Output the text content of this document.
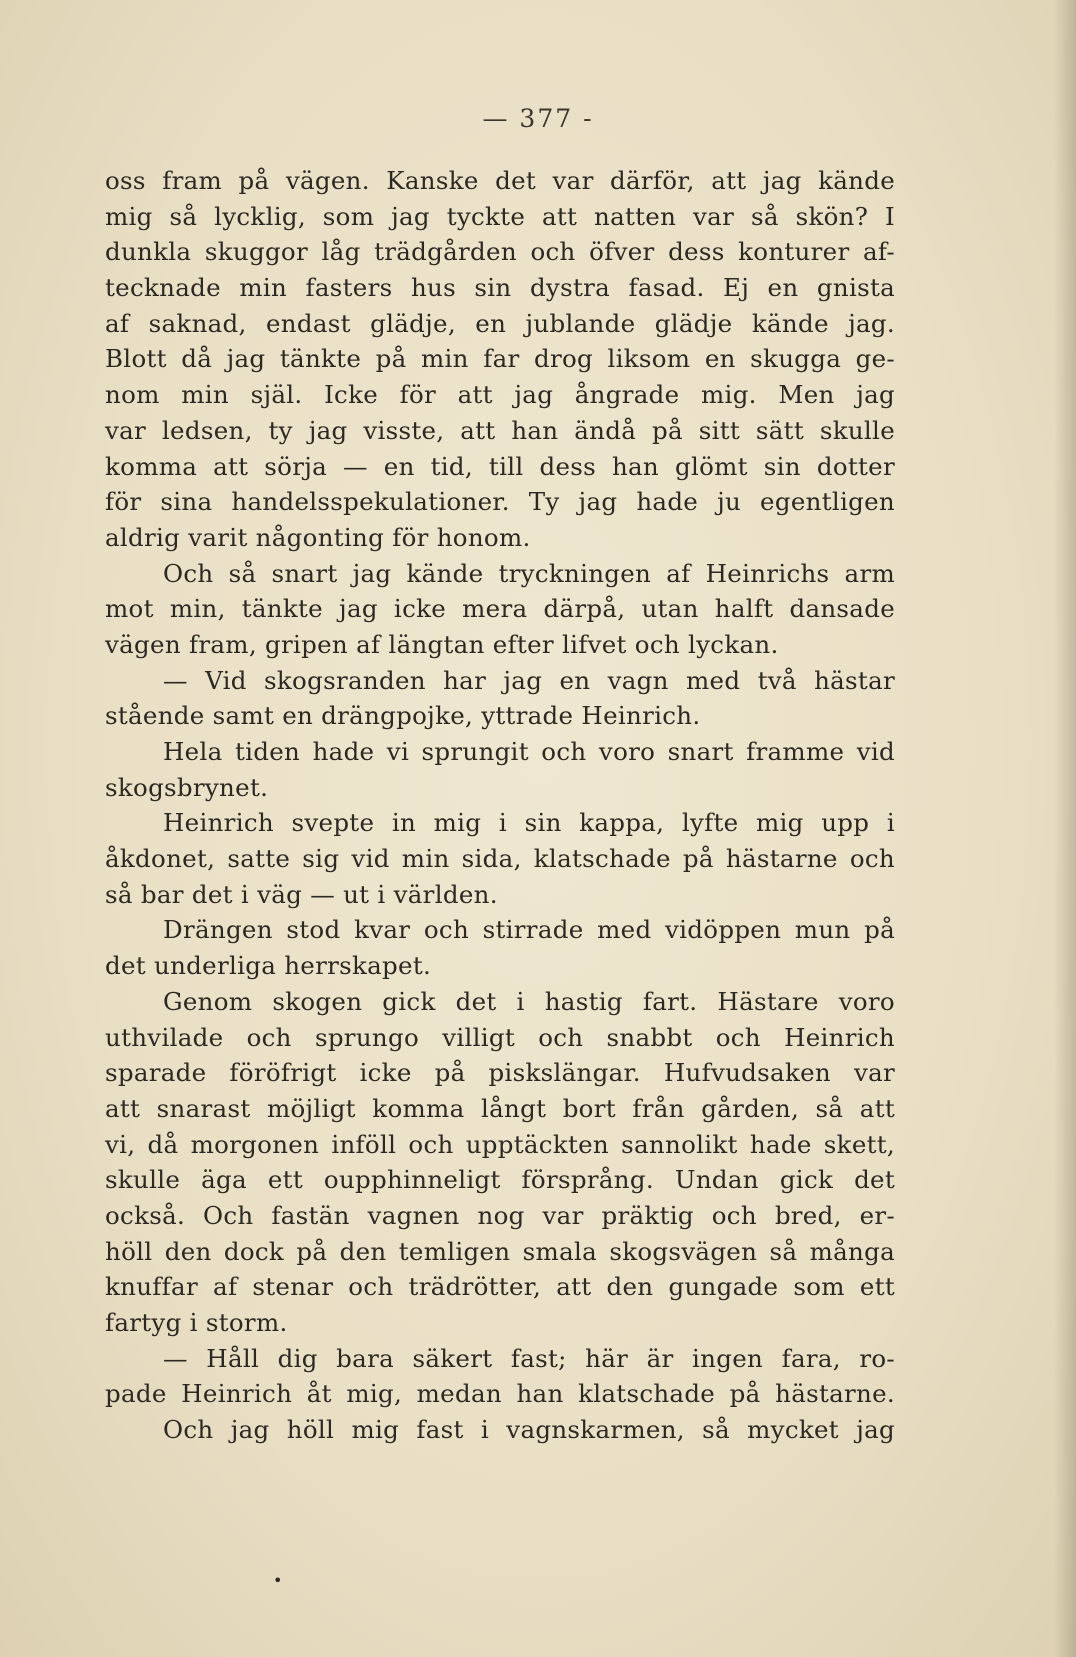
— 377 -
oss fram på vägen. Kanske det var därför, att jag kände
mig så lycklig, som jag tyckte att natten var så skön? I
dunkla skuggor låg trädgården och öfver dess konturer af-
tecknade min fasters hus sin dystra fasad. Ej en gnista
af saknad, endast glädje, en jublande glädje kände jag.
Blott då jag tänkte på min far drog liksom en skugga ge-
nom min själ. Icke för att jag ångrade mig. Men jag
var ledsen, ty jag visste, att han ändå på sitt sätt skulle
komma att sörja — en tid, till dess han glömt sin dotter
för sina handelsspekulationer. Ty jag hade ju egentligen
aldrig varit någonting för honom.
Och så snart jag kände tryckningen af Heinrichs arm
mot min, tänkte jag icke mera därpå, utan halft dansade
vägen fram, gripen af längtan efter lifvet och lyckan.
— Vid skogsranden har jag en vagn med två hästar
stående samt en drängpojke, yttrade Heinrich.
Hela tiden hade vi sprungit och voro snart framme vid
skogsbrynet.
Heinrich svepte in mig i sin kappa, lyfte mig upp i
åkdonet, satte sig vid min sida, klatschade på hästarne och
så bar det i väg — ut i världen.
Drängen stod kvar och stirrade med vidöppen mun på
det underliga herrskapet.
Genom skogen gick det i hastig fart. Hästare voro
uthvilade och sprungo villigt och snabbt och Heinrich
sparade föröfrigt icke på piskslängar. Hufvudsaken var
att snarast möjligt komma långt bort från gården, så att
vi, då morgonen inföll och upptäckten sannolikt hade skett,
skulle äga ett oupphinneligt försprång. Undan gick det
också. Och fastän vagnen nog var präktig och bred, er-
höll den dock på den temligen smala skogsvägen så många
knuffar af stenar och trädrötter, att den gungade som ett
fartyg i storm.
— Håll dig bara säkert fast; här är ingen fara, ro-
pade Heinrich åt mig, medan han klatschade på hästarne.
Och jag höll mig fast i vagnskarmen, så mycket jag
•
